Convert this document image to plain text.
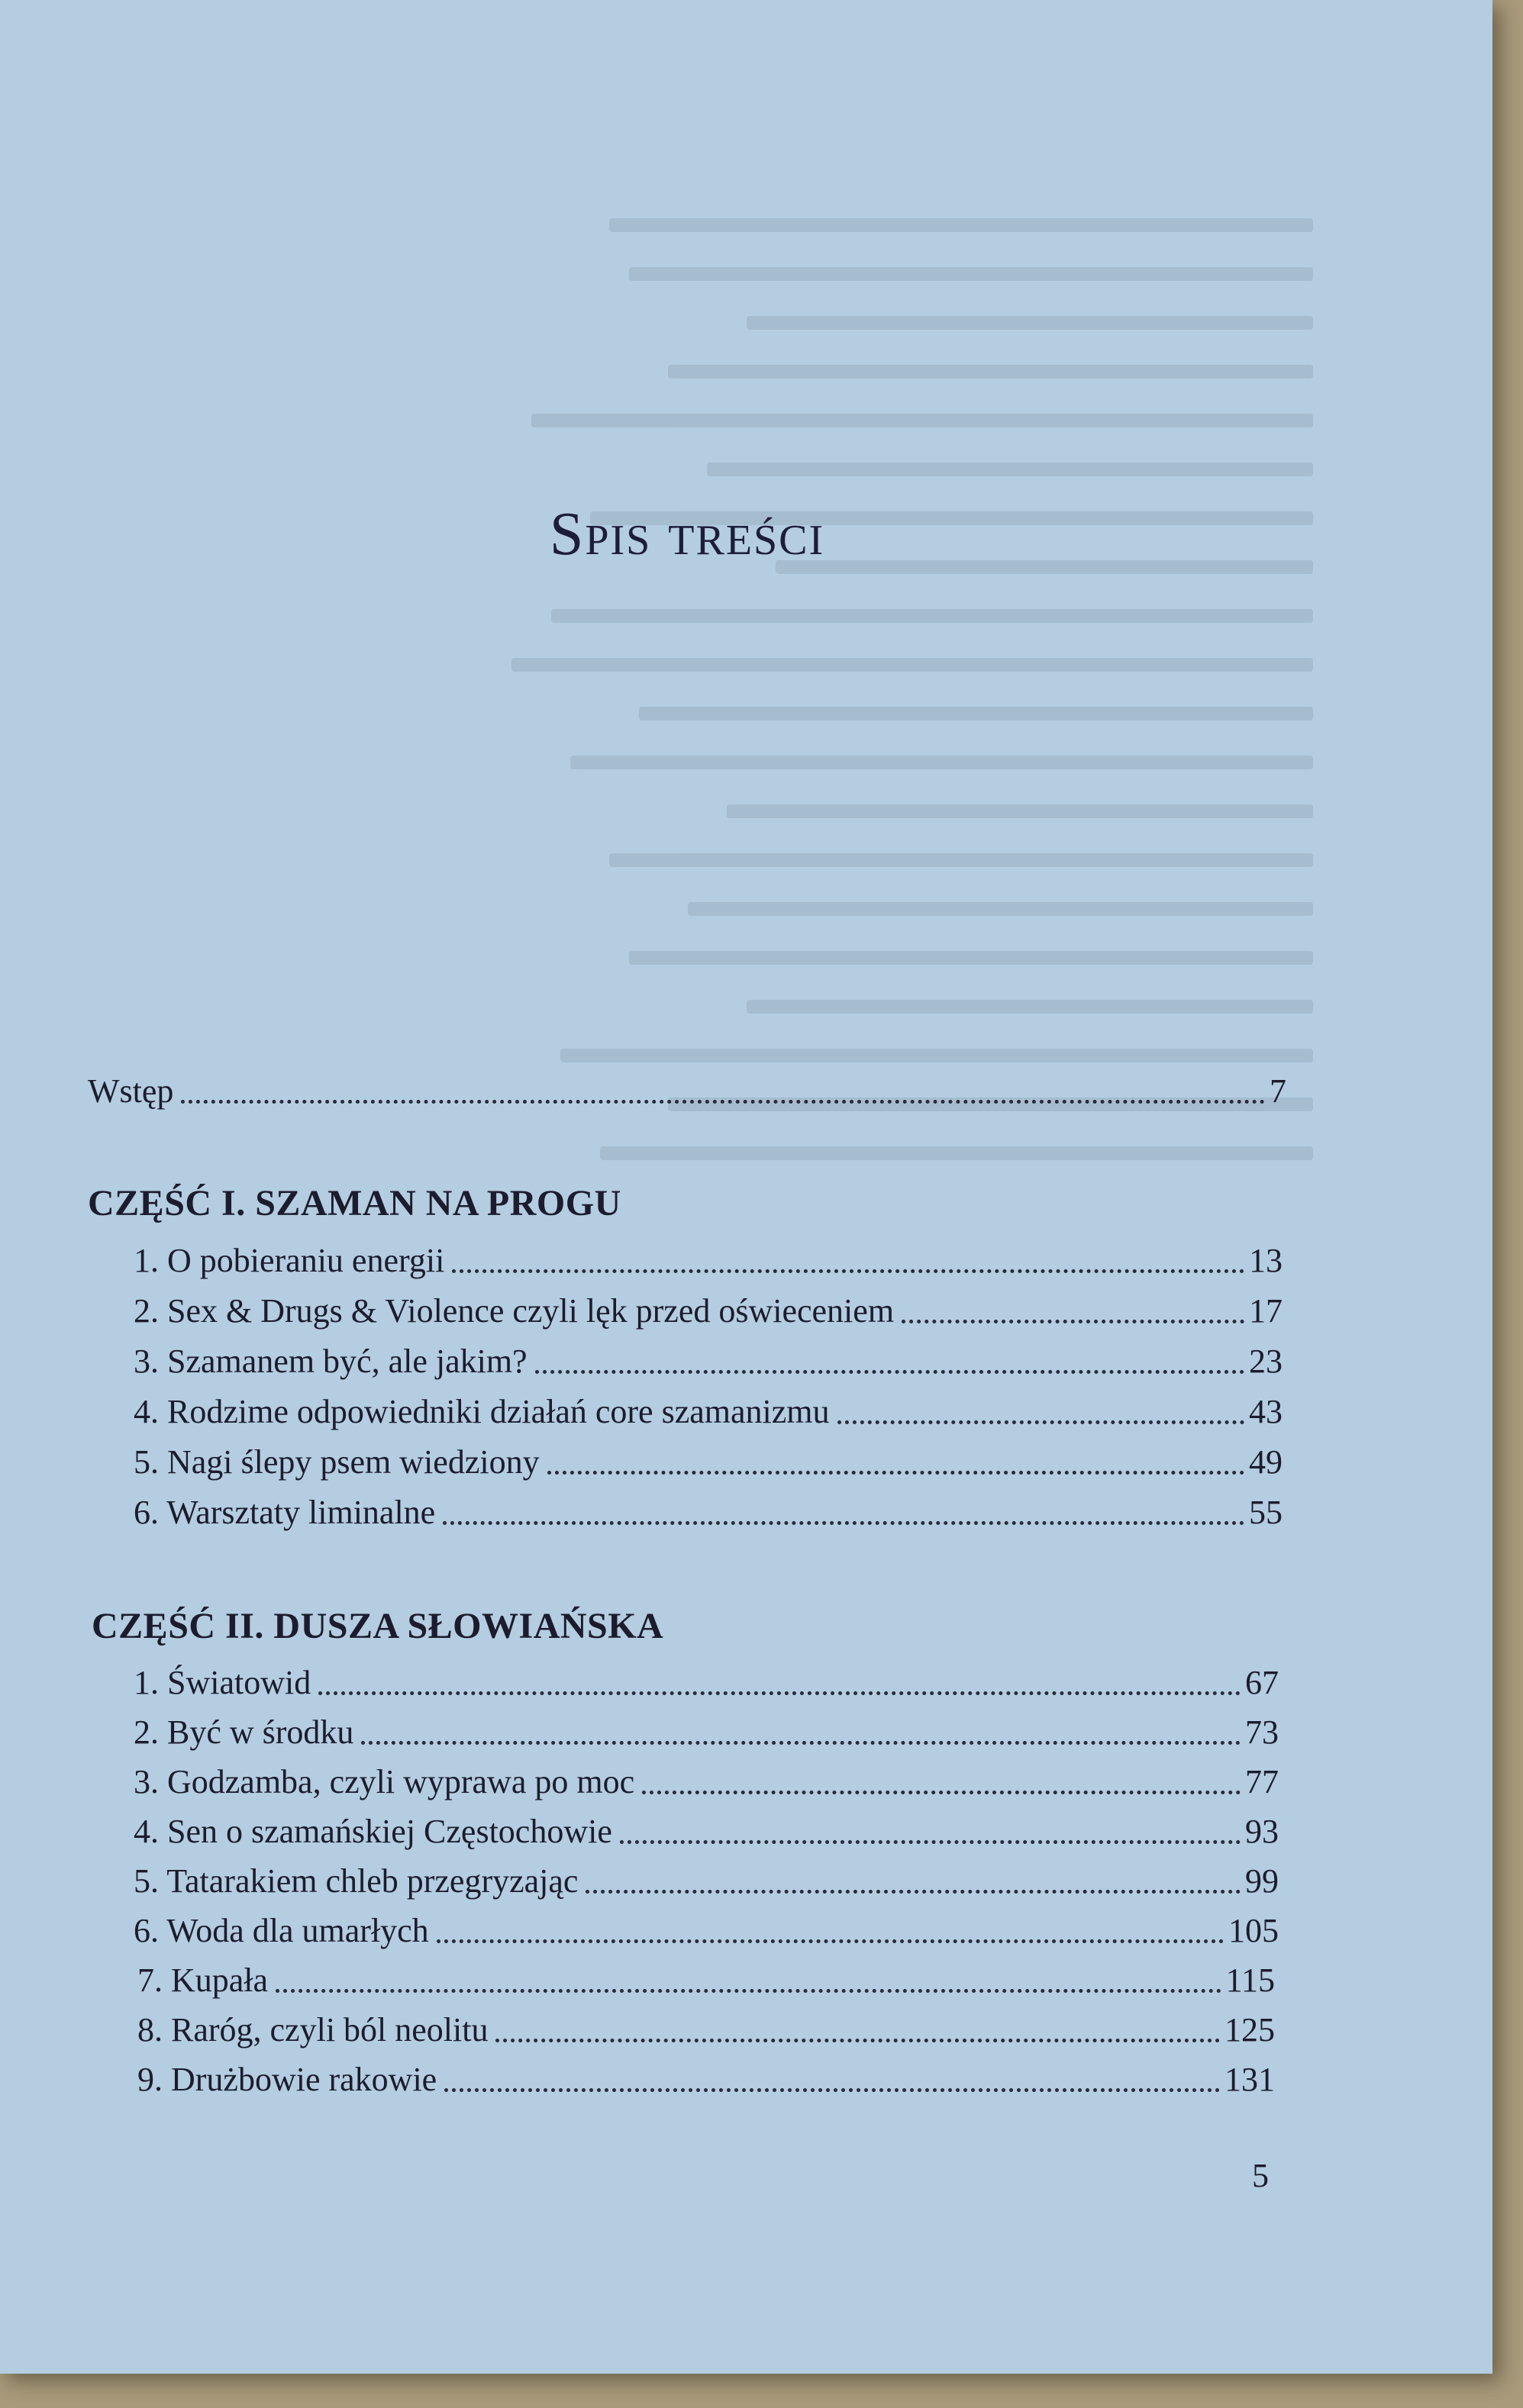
Spis treści
Wstęp	7
CZĘŚĆ I. SZAMAN NA PROGU
1. O pobieraniu energii	13
2. Sex & Drugs & Violence czyli lęk przed oświeceniem	17
3. Szamanem być, ale jakim?	23
4. Rodzime odpowiedniki działań core szamanizmu	43
5. Nagi ślepy psem wiedziony	49
6. Warsztaty liminalne	55
CZĘŚĆ II. DUSZA SŁOWIAŃSKA
1. Światowid	67
2. Być w środku	73
3. Godzamba, czyli wyprawa po moc	77
4. Sen o szamańskiej Częstochowie	93
5. Tatarakiem chleb przegryzając	99
6. Woda dla umarłych	105
7. Kupała	115
8. Raróg, czyli ból neolitu	125
9. Drużbowie rakowie	131
5
